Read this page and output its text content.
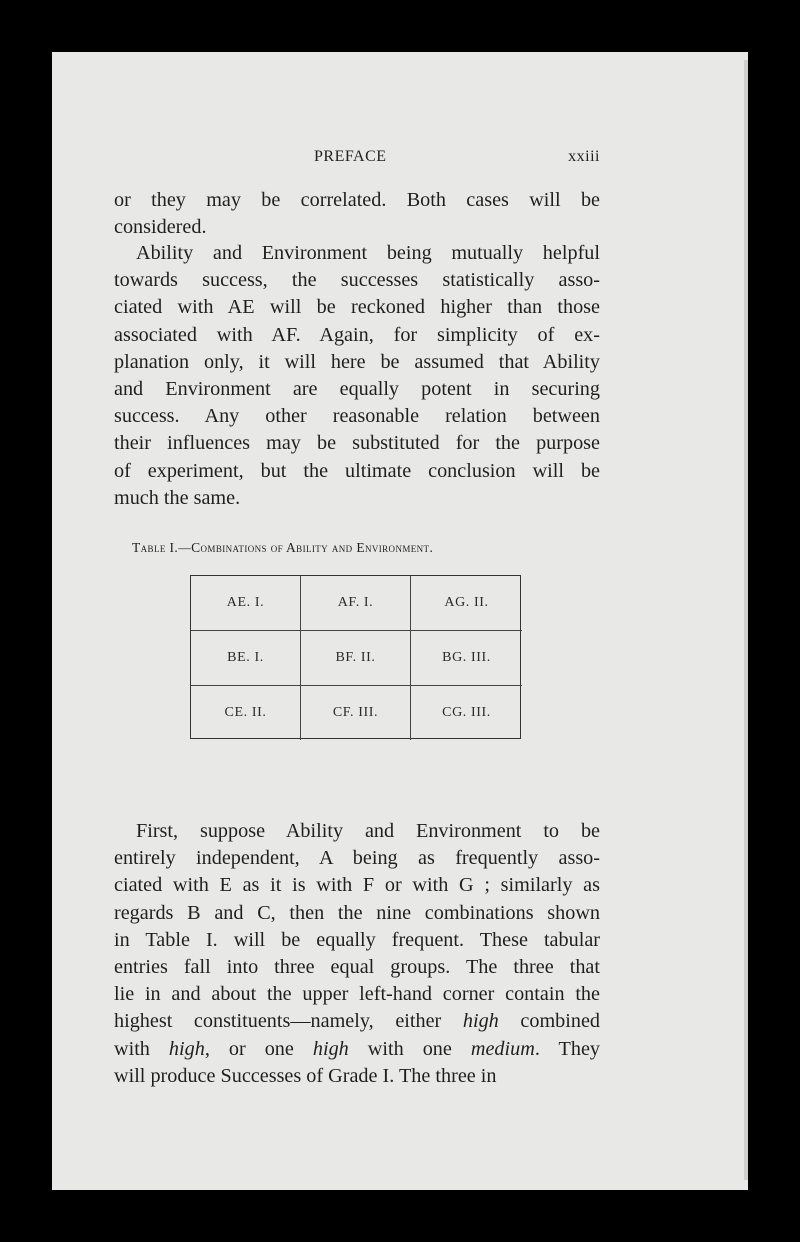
PREFACE	xxiii

or they may be correlated. Both cases will be
considered.

Ability and Environment being mutually helpful
towards success, the successes statistically asso-
ciated with AE will be reckoned higher than those
associated with AF. Again, for simplicity of ex-
planation only, it will here be assumed that Ability
and Environment are equally potent in securing
success. Any other reasonable relation between
their influences may be substituted for the purpose
of experiment, but the ultimate conclusion will be
much the same.

Table I.—Combinations of Ability and Environment.
AE. I.	AF. I.	AG. II.
BE. I.	BF. II.	BG. III.
CE. II.	CF. III.	CG. III.

First, suppose Ability and Environment to be
entirely independent, A being as frequently asso-
ciated with E as it is with F or with G ; similarly as
regards B and C, then the nine combinations shown
in Table I. will be equally frequent. These tabular
entries fall into three equal groups. The three that
lie in and about the upper left-hand corner contain the
highest constituents—namely, either high combined
with high, or one high with one medium. They
will produce Successes of Grade I. The three in
